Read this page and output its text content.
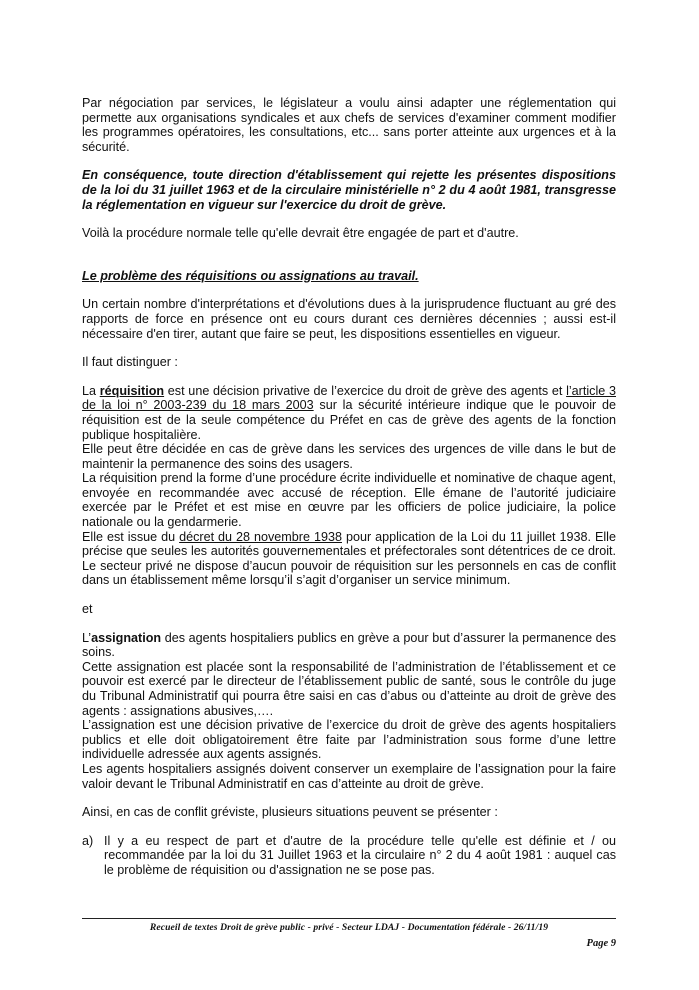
Par négociation par services, le législateur a voulu ainsi adapter une réglementation qui permette aux organisations syndicales et aux chefs de services d'examiner comment modifier les programmes opératoires, les consultations, etc... sans porter atteinte aux urgences et à la sécurité.

En conséquence, toute direction d'établissement qui rejette les présentes dispositions de la loi du 31 juillet 1963 et de la circulaire ministérielle n° 2 du 4 août 1981, transgresse la réglementation en vigueur sur l'exercice du droit de grève.

Voilà la procédure normale telle qu'elle devrait être engagée de part et d'autre.

Le problème des réquisitions ou assignations au travail.

Un certain nombre d'interprétations et d'évolutions dues à la jurisprudence fluctuant au gré des rapports de force en présence ont eu cours durant ces dernières décennies ; aussi est-il nécessaire d'en tirer, autant que faire se peut, les dispositions essentielles en vigueur.

Il faut distinguer :

La réquisition est une décision privative de l’exercice du droit de grève des agents et l’article 3 de la loi n° 2003-239 du 18 mars 2003 sur la sécurité intérieure indique que le pouvoir de réquisition est de la seule compétence du Préfet en cas de grève des agents de la fonction publique hospitalière.

Elle peut être décidée en cas de grève dans les services des urgences de ville dans le but de maintenir la permanence des soins des usagers.

La réquisition prend la forme d’une procédure écrite individuelle et nominative de chaque agent, envoyée en recommandée avec accusé de réception. Elle émane de l’autorité judiciaire exercée par le Préfet et est mise en œuvre par les officiers de police judiciaire, la police nationale ou la gendarmerie.

Elle est issue du décret du 28 novembre 1938 pour application de la Loi du 11 juillet 1938. Elle précise que seules les autorités gouvernementales et préfectorales sont détentrices de ce droit. Le secteur privé ne dispose d’aucun pouvoir de réquisition sur les personnels en cas de conflit dans un établissement même lorsqu’il s’agit d’organiser un service minimum.

et

L’assignation des agents hospitaliers publics en grève a pour but d’assurer la permanence des soins.

Cette assignation est placée sont la responsabilité de l’administration de l’établissement et ce pouvoir est exercé par le directeur de l’établissement public de santé, sous le contrôle du juge du Tribunal Administratif qui pourra être saisi en cas d’abus ou d’atteinte au droit de grève des agents : assignations abusives,….

L’assignation est une décision privative de l’exercice du droit de grève des agents hospitaliers publics et elle doit obligatoirement être faite par l’administration sous forme d’une lettre individuelle adressée aux agents assignés.

Les agents hospitaliers assignés doivent conserver un exemplaire de l’assignation pour la faire valoir devant le Tribunal Administratif en cas d’atteinte au droit de grève.

Ainsi, en cas de conflit gréviste, plusieurs situations peuvent se présenter :

a) Il y a eu respect de part et d'autre de la procédure telle qu'elle est définie et / ou recommandée par la loi du 31 Juillet 1963 et la circulaire n° 2 du 4 août 1981 : auquel cas le problème de réquisition ou d'assignation ne se pose pas.
Recueil de textes Droit de grève public - privé - Secteur LDAJ - Documentation fédérale - 26/11/19
Page 9
